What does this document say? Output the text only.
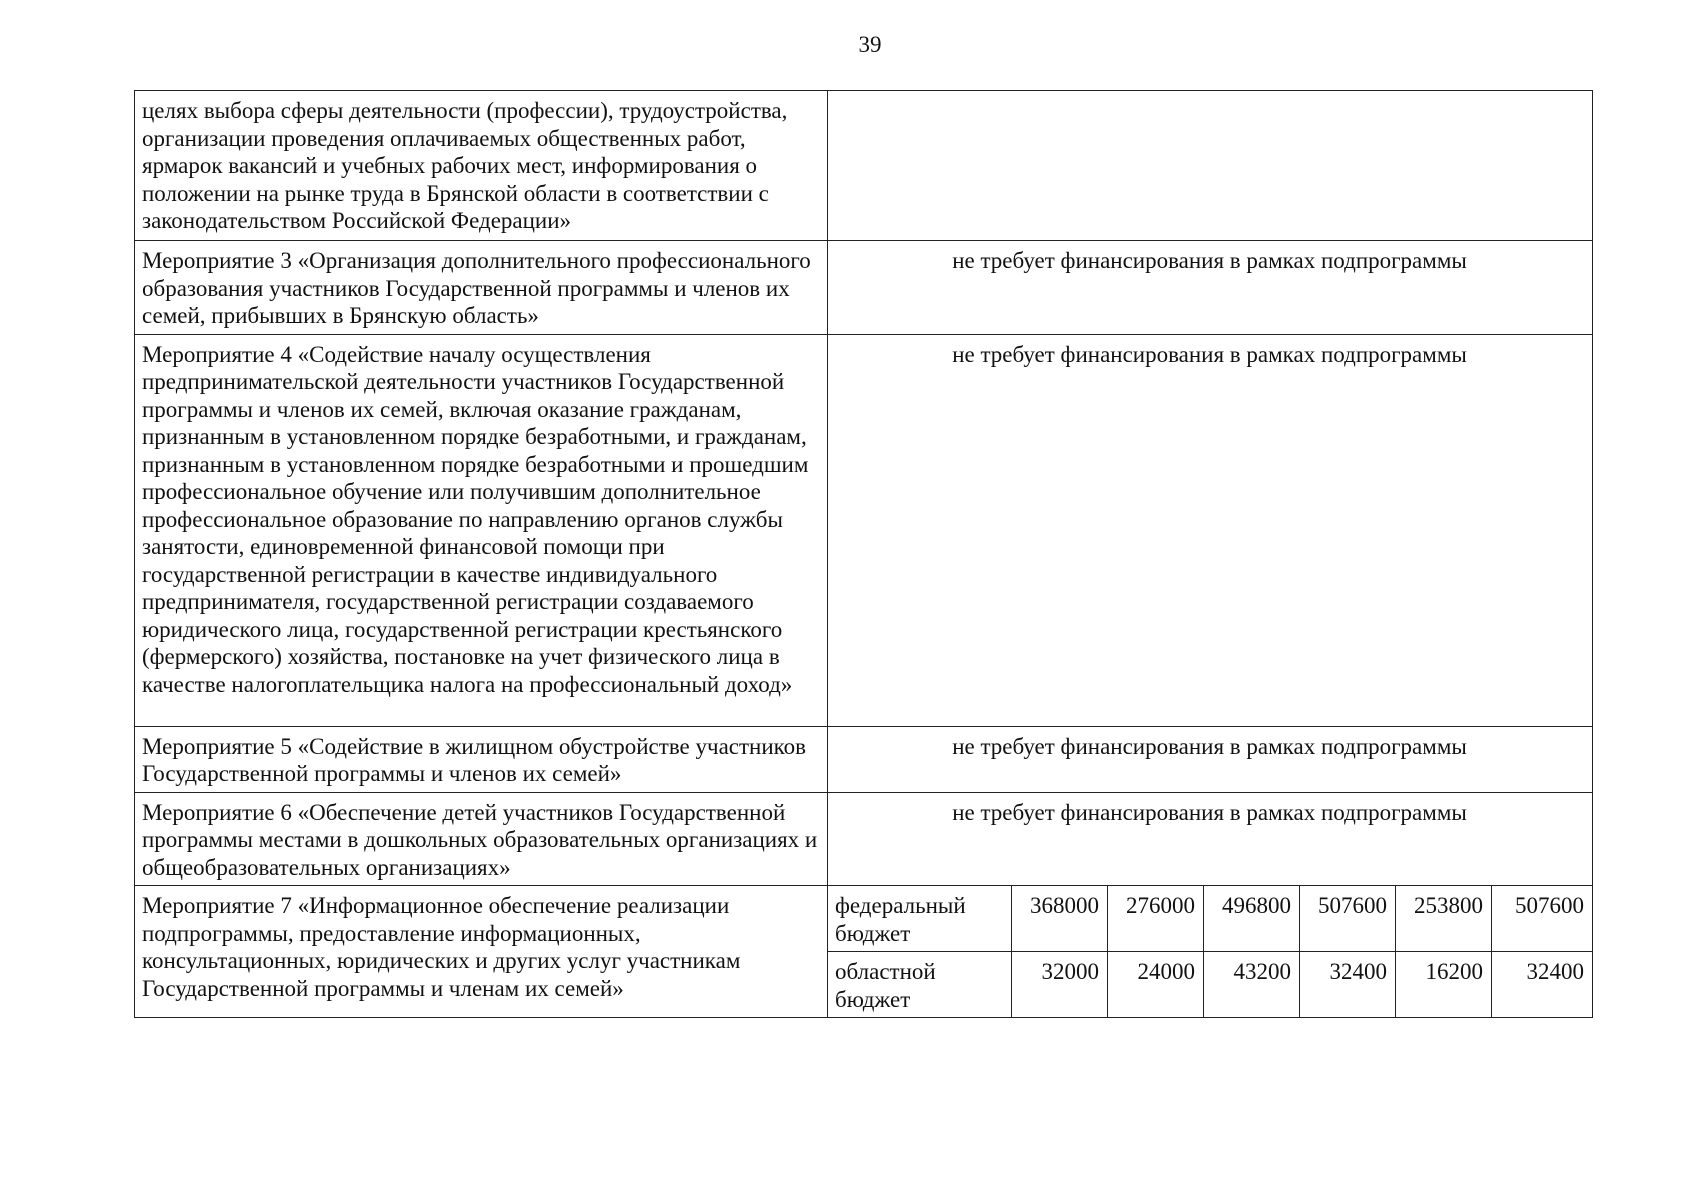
39
целях выбора сферы деятельности (профессии), трудоустройства, организации проведения оплачиваемых общественных работ, ярмарок вакансий и учебных рабочих мест, информирования о положении на рынке труда в Брянской области в соответствии с законодательством Российской Федерации»							

Мероприятие 3 «Организация дополнительного профессионального образования участников Государственной программы и членов их семей, прибывших в Брянскую область»	не требует финансирования в рамках подпрограммы						

Мероприятие 4 «Содействие началу осуществления предпринимательской деятельности участников Государственной программы и членов их семей, включая оказание гражданам, признанным в установленном порядке безработными, и гражданам, признанным в установленном порядке безработными и прошедшим профессиональное обучение или получившим дополнительное профессиональное образование по направлению органов службы занятости, единовременной финансовой помощи при государственной регистрации в качестве индивидуального предпринимателя, государственной регистрации создаваемого юридического лица, государственной регистрации крестьянского (фермерского) хозяйства, постановке на учет физического лица в качестве налогоплательщика налога на профессиональный доход»	не требует финансирования в рамках подпрограммы						

Мероприятие 5 «Содействие в жилищном обустройстве участников Государственной программы и членов их семей»	не требует финансирования в рамках подпрограммы						

Мероприятие 6 «Обеспечение детей участников Государственной программы местами в дошкольных образовательных организациях и общеобразовательных организациях»	не требует финансирования в рамках подпрограммы						

Мероприятие 7 «Информационное обеспечение реализации подпрограммы, предоставление информационных, консультационных, юридических и других услуг участникам Государственной программы и членам их семей»	федеральный бюджет	368000	276000	496800	507600	253800	507600
	областной бюджет	32000	24000	43200	32400	16200	32400
